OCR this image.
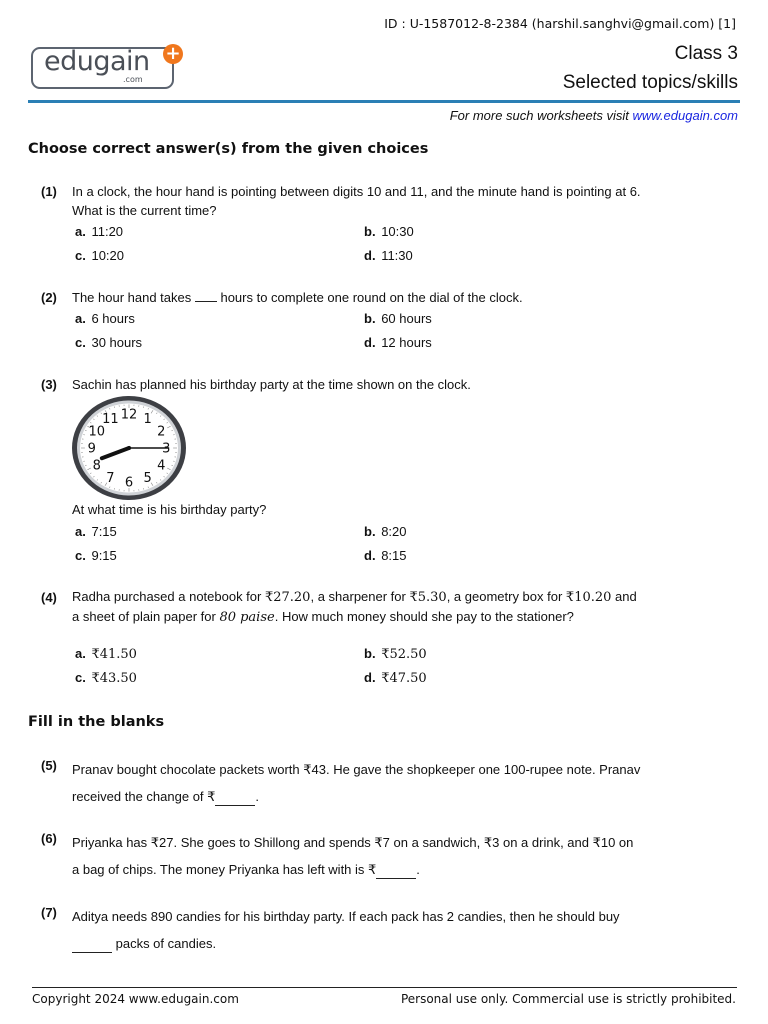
ID : U-1587012-8-2384 (harshil.sanghvi@gmail.com) [1]
edugain
.com
+	Class 3
Selected topics/skills
For more such worksheets visit www.edugain.com
Choose correct answer(s) from the given choices
(1) In a clock, the hour hand is pointing between digits 10 and 11, and the minute hand is pointing at 6.
What is the current time?
a. 11:20	b. 10:30
c. 10:20	d. 11:30
(2) The hour hand takes  hours to complete one round on the dial of the clock.
a. 6 hours	b. 60 hours
c. 30 hours	d. 12 hours
(3) Sachin has planned his birthday party at the time shown on the clock.
12 1
2
3
4
5
6
7
8
9
10
11
At what time is his birthday party?
a. 7:15	b. 8:20
c. 9:15	d. 8:15
(4) Radha purchased a notebook for ₹27.20, a sharpener for ₹5.30, a geometry box for ₹10.20 and
a sheet of plain paper for 80 paise. How much money should she pay to the stationer?
a. ₹41.50	b. ₹52.50
c. ₹43.50	d. ₹47.50
Fill in the blanks
(5) Pranav bought chocolate packets worth ₹43. He gave the shopkeeper one 100-rupee note. Pranav
received the change of ₹	.
(6) Priyanka has ₹27. She goes to Shillong and spends ₹7 on a sandwich, ₹3 on a drink, and ₹10 on
a bag of chips. The money Priyanka has left with is ₹	.
(7) Aditya needs 890 candies for his birthday party. If each pack has 2 candies, then he should buy
packs of candies.
Copyright 2024 www.edugain.com	Personal use only. Commercial use is strictly prohibited.
